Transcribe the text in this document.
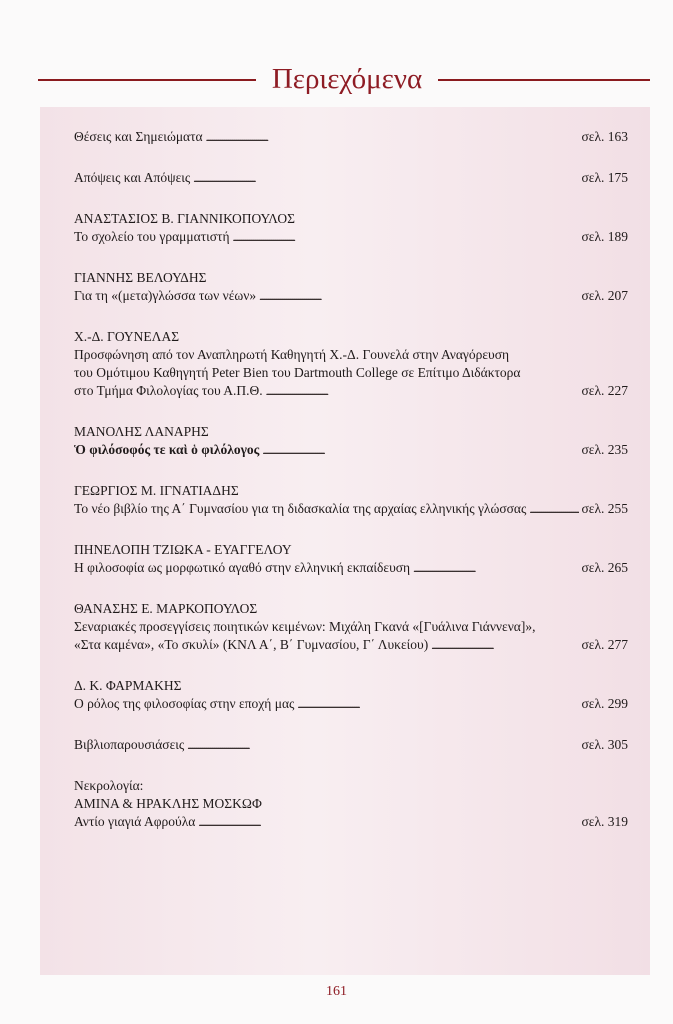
Περιεχόμενα
Θέσεις και Σημειώματα . . .	σελ. 163
Απόψεις και Απόψεις . . .	σελ. 175
ΑΝΑΣΤΑΣΙΟΣ Β. ΓΙΑΝΝΙΚΟΠΟΥΛΟΣ
Το σχολείο του γραμματιστή . . .	σελ. 189
ΓΙΑΝΝΗΣ ΒΕΛΟΥΔΗΣ
Για τη «(μετα)γλώσσα των νέων» . . .	σελ. 207
Χ.-Δ. ΓΟΥΝΕΛΑΣ
Προσφώνηση από τον Αναπληρωτή Καθηγητή Χ.-Δ. Γουνελά στην Αναγόρευση
του Ομότιμου Καθηγητή Peter Bien του Dartmouth College σε Επίτιμο Διδάκτορα
στο Τμήμα Φιλολογίας του Α.Π.Θ. . . .	σελ. 227
ΜΑΝΟΛΗΣ ΛΑΝΑΡΗΣ
Ὁ φιλόσοφός τε καὶ ὁ φιλόλογος . . .	σελ. 235
ΓΕΩΡΓΙΟΣ Μ. ΙΓΝΑΤΙΑΔΗΣ
Το νέο βιβλίο της Α΄ Γυμνασίου για τη διδασκαλία της αρχαίας ελληνικής γλώσσας . . .	σελ. 255
ΠΗΝΕΛΟΠΗ ΤΖΙΩΚΑ - ΕΥΑΓΓΕΛΟΥ
Η φιλοσοφία ως μορφωτικό αγαθό στην ελληνική εκπαίδευση . . .	σελ. 265
ΘΑΝΑΣΗΣ Ε. ΜΑΡΚΟΠΟΥΛΟΣ
Σεναριακές προσεγγίσεις ποιητικών κειμένων: Μιχάλη Γκανά «[Γυάλινα Γιάννενα]»,
«Στα καμένα», «Το σκυλί» (ΚΝΛ Α΄, Β΄ Γυμνασίου, Γ΄ Λυκείου) . . .	σελ. 277
Δ. Κ. ΦΑΡΜΑΚΗΣ
Ο ρόλος της φιλοσοφίας στην εποχή μας . . .	σελ. 299
Βιβλιοπαρουσιάσεις . . .	σελ. 305
Νεκρολογία:
ΑΜΙΝΑ & ΗΡΑΚΛΗΣ ΜΟΣΚΩΦ
Αντίο γιαγιά Αφρούλα . . .	σελ. 319
161
